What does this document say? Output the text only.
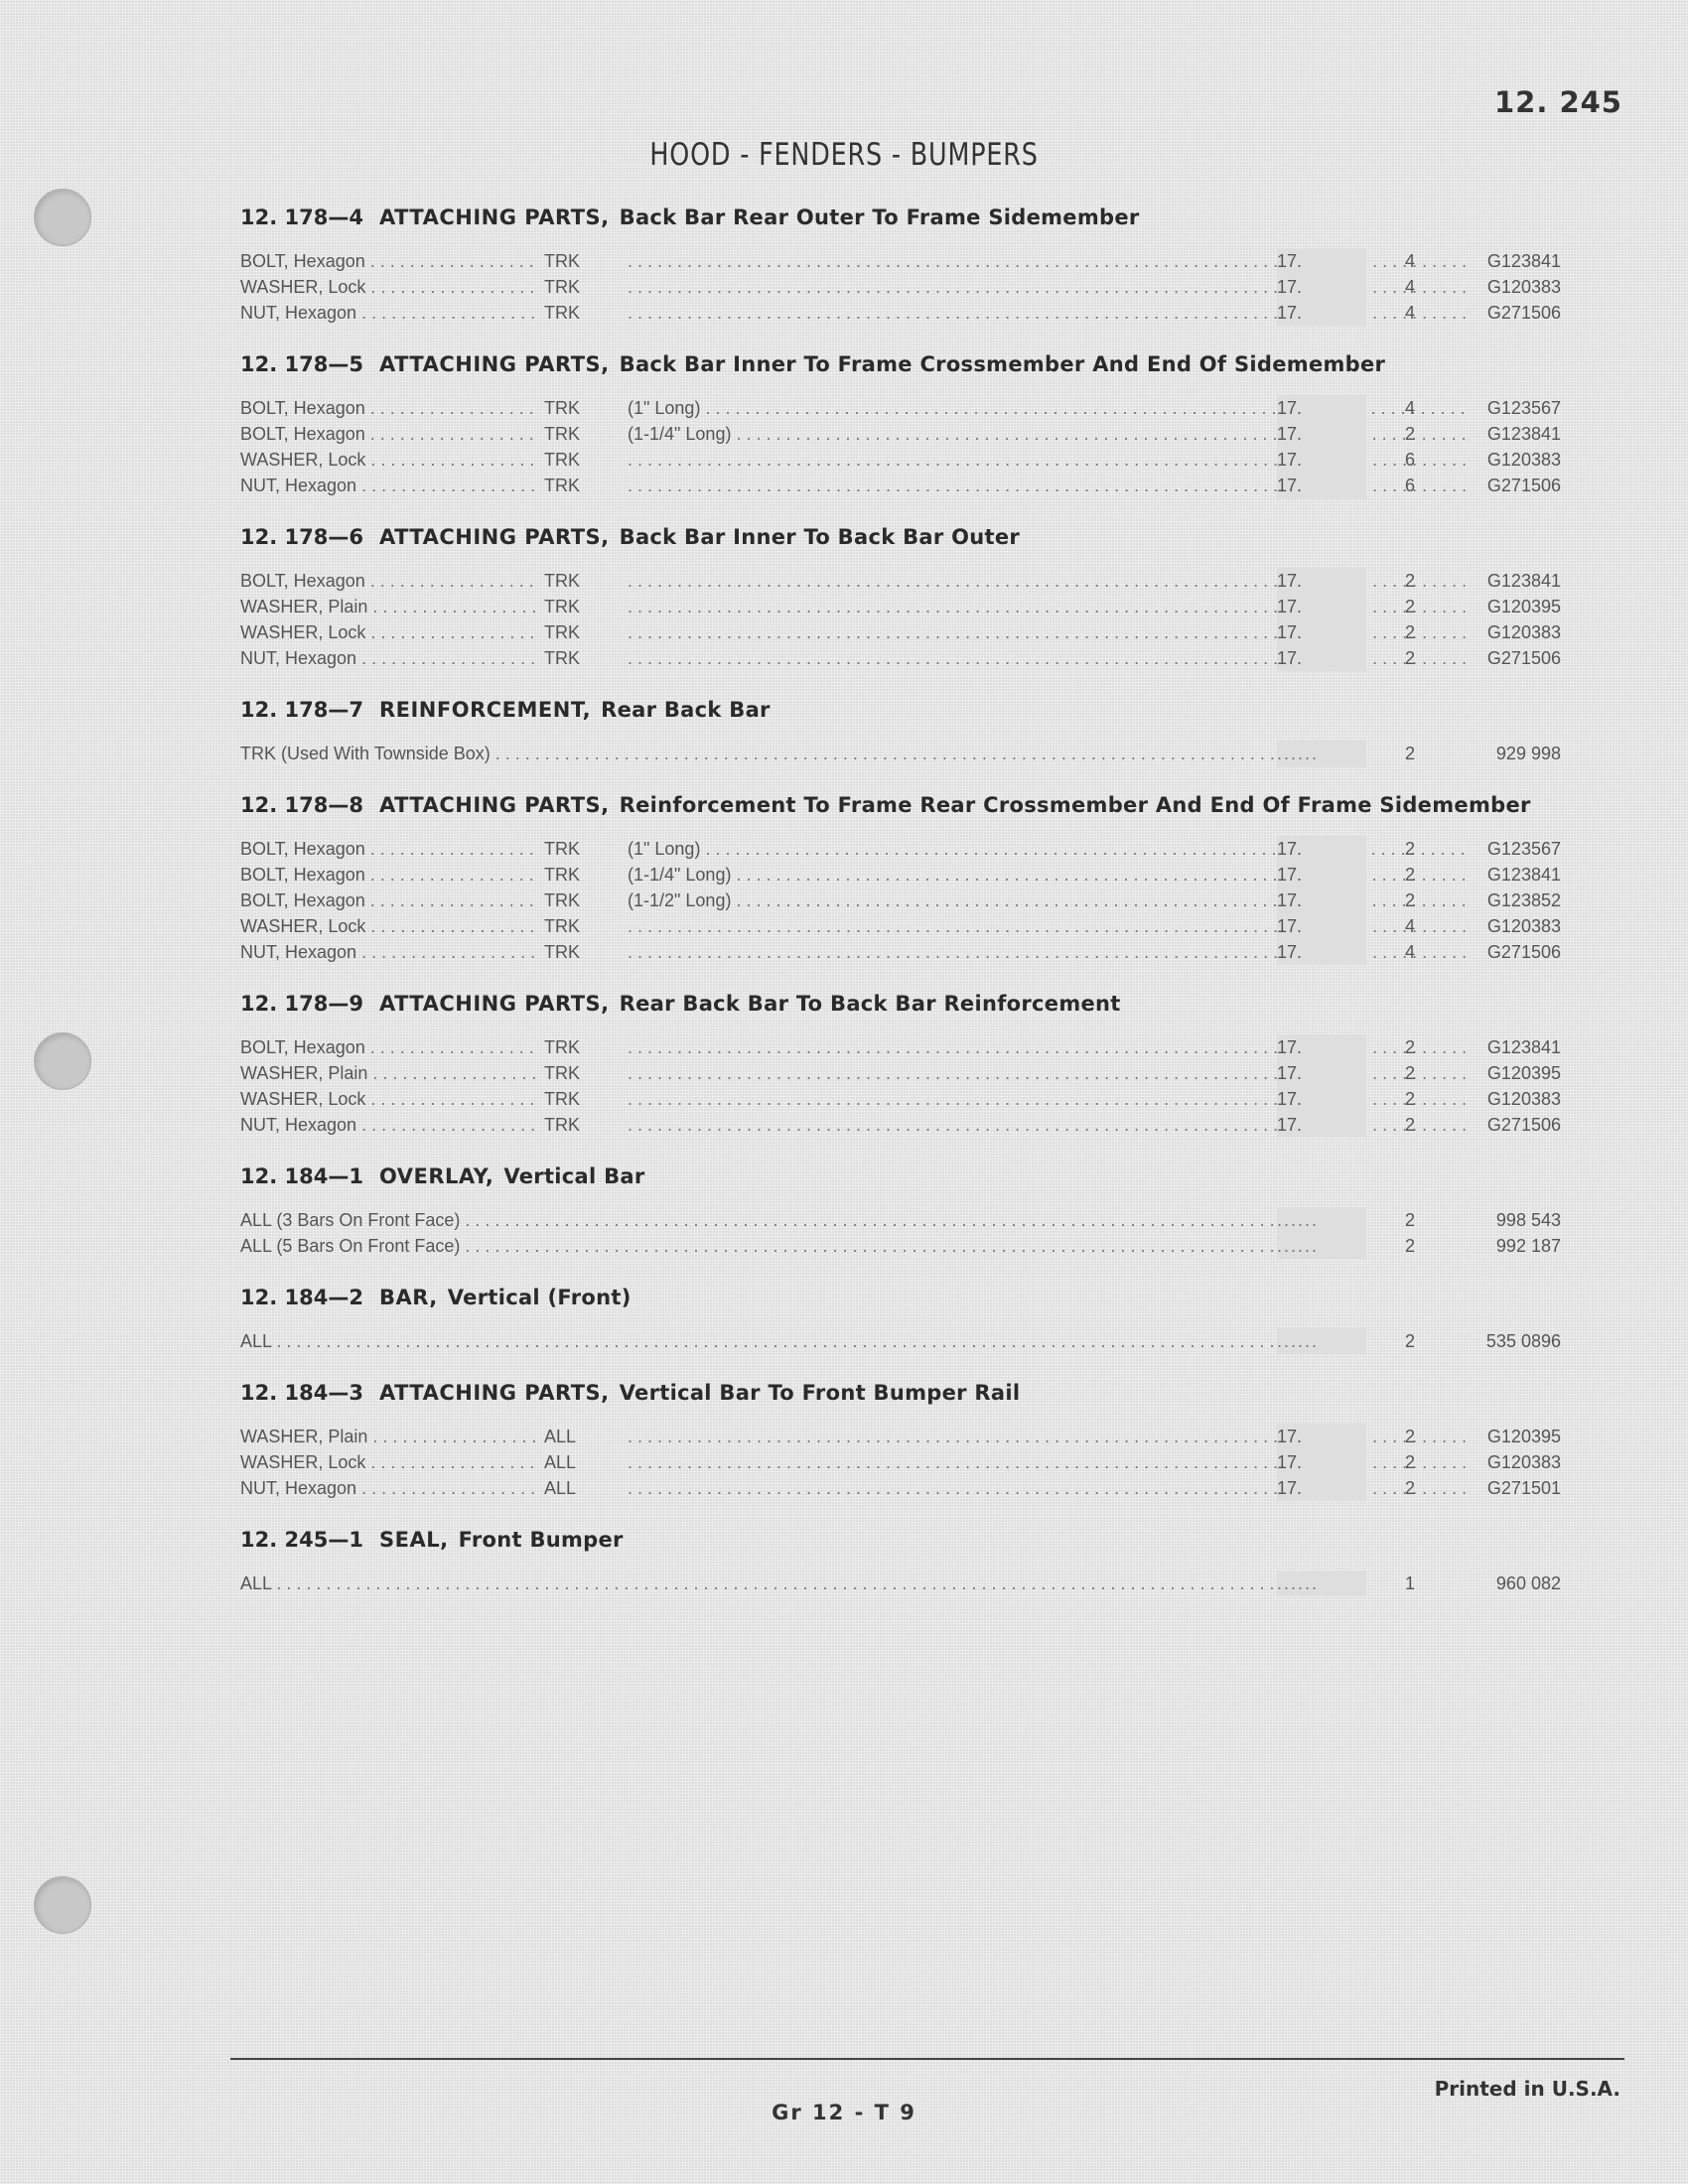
12. 245
HOOD - FENDERS - BUMPERS
12. 178—4 ATTACHING PARTS, Back Bar Rear Outer To Frame Sidemember
BOLT, Hexagon . . .	TRK . . .	17.	4	G123841
WASHER, Lock . . .	TRK . . .	17.	4	G120383
NUT, Hexagon . . .	TRK . . .	17.	4	G271506
12. 178—5 ATTACHING PARTS, Back Bar Inner To Frame Crossmember And End Of Sidemember
BOLT, Hexagon . . .	TRK	(1" Long) . . .	17.	4	G123567
BOLT, Hexagon . . .	TRK	(1-1/4" Long) . . .	17.	2	G123841
WASHER, Lock . . .	TRK . . .	17.	6	G120383
NUT, Hexagon . . .	TRK . . .	17.	6	G271506
12. 178—6 ATTACHING PARTS, Back Bar Inner To Back Bar Outer
BOLT, Hexagon . . .	TRK . . .	17.	2	G123841
WASHER, Plain . . .	TRK . . .	17.	2	G120395
WASHER, Lock . . .	TRK . . .	17.	2	G120383
NUT, Hexagon . . .	TRK . . .	17.	2	G271506
12. 178—7 REINFORCEMENT, Rear Back Bar
TRK (Used With Townside Box) . . .	......	2	929 998
12. 178—8 ATTACHING PARTS, Reinforcement To Frame Rear Crossmember And End Of Frame Sidemember
BOLT, Hexagon . . .	TRK	(1" Long) . . .	17.	2	G123567
BOLT, Hexagon . . .	TRK	(1-1/4" Long) . . .	17.	2	G123841
BOLT, Hexagon . . .	TRK	(1-1/2" Long) . . .	17.	2	G123852
WASHER, Lock . . .	TRK . . .	17.	4	G120383
NUT, Hexagon . . .	TRK . . .	17.	4	G271506
12. 178—9 ATTACHING PARTS, Rear Back Bar To Back Bar Reinforcement
BOLT, Hexagon . . .	TRK . . .	17.	2	G123841
WASHER, Plain . . .	TRK . . .	17.	2	G120395
WASHER, Lock . . .	TRK . . .	17.	2	G120383
NUT, Hexagon . . .	TRK . . .	17.	2	G271506
12. 184—1 OVERLAY, Vertical Bar
ALL (3 Bars On Front Face) . . .	......	2	998 543
ALL (5 Bars On Front Face) . . .	......	2	992 187
12. 184—2 BAR, Vertical (Front)
ALL . . .	......	2	535 0896
12. 184—3 ATTACHING PARTS, Vertical Bar To Front Bumper Rail
WASHER, Plain . . .	ALL . . .	17.	2	G120395
WASHER, Lock . . .	ALL . . .	17.	2	G120383
NUT, Hexagon . . .	ALL . . .	17.	2	G271501
12. 245—1 SEAL, Front Bumper
ALL . . .	......	1	960 082
Printed in U.S.A.
Gr 12 - T 9
